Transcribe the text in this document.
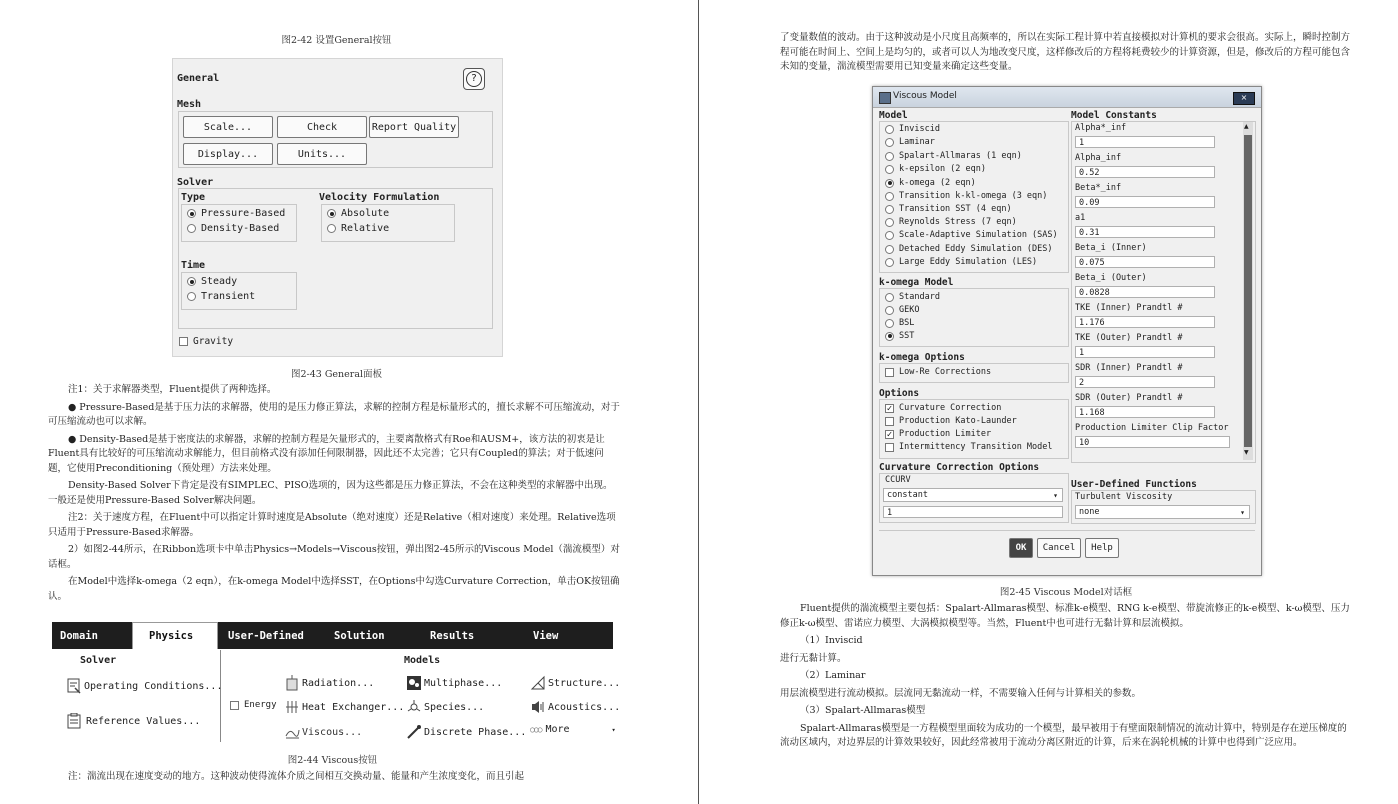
图2-42 设置General按钮
General	?
Mesh
Scale...	Check	Report Quality
Display...	Units...
Solver
Type
Pressure-Based
Density-Based
Velocity Formulation
Absolute
Relative
Time
Steady
Transient
Gravity
图2-43 General面板
注1：关于求解器类型，Fluent提供了两种选择。
● Pressure-Based是基于压力法的求解器，使用的是压力修正算法，求解的控制方程是标量形式的，擅长求解不可压缩流动，对于可压缩流动也可以求解。
● Density-Based是基于密度法的求解器，求解的控制方程是矢量形式的，主要离散格式有Roe和AUSM+，该方法的初衷是让Fluent具有比较好的可压缩流动求解能力，但目前格式没有添加任何限制器，因此还不太完善；它只有Coupled的算法；对于低速问题，它使用Preconditioning（预处理）方法来处理。
Density-Based Solver下肯定是没有SIMPLEC、PISO选项的，因为这些都是压力修正算法，不会在这种类型的求解器中出现。一般还是使用Pressure-Based Solver解决问题。
注2：关于速度方程，在Fluent中可以指定计算时速度是Absolute（绝对速度）还是Relative（相对速度）来处理。Relative选项只适用于Pressure-Based求解器。
2）如图2-44所示，在Ribbon选项卡中单击Physics→Models→Viscous按钮，弹出图2-45所示的Viscous Model（湍流模型）对话框。
在Model中选择k-omega（2 eqn），在k-omega Model中选择SST，在Options中勾选Curvature Correction，单击OK按钮确认。
Domain	Physics	User-Defined	Solution	Results	View
Solver	Models
Operating Conditions...
Reference Values...
Energy
Radiation...
Heat Exchanger...
Viscous...
Multiphase...
Species...
Discrete Phase...
Structure...
Acoustics...
○○○ More	▾
图2-44 Viscous按钮
注：湍流出现在速度变动的地方。这种波动使得流体介质之间相互交换动量、能量和产生浓度变化，而且引起
了变量数值的波动。由于这种波动是小尺度且高频率的，所以在实际工程计算中若直接模拟对计算机的要求会很高。实际上，瞬时控制方程可能在时间上、空间上是均匀的，或者可以人为地改变尺度，这样修改后的方程将耗费较少的计算资源，但是，修改后的方程可能包含未知的变量，湍流模型需要用已知变量来确定这些变量。
Viscous Model	×
Model
Inviscid
Laminar
Spalart-Allmaras (1 eqn)
k-epsilon (2 eqn)
k-omega (2 eqn)
Transition k-kl-omega (3 eqn)
Transition SST (4 eqn)
Reynolds Stress (7 eqn)
Scale-Adaptive Simulation (SAS)
Detached Eddy Simulation (DES)
Large Eddy Simulation (LES)
k-omega Model
Standard
GEKO
BSL
SST
k-omega Options
Low-Re Corrections
Options
✓ Curvature Correction
Production Kato-Launder
✓ Production Limiter
Intermittency Transition Model
Curvature Correction Options
CCURV
constant	▾
1
Model Constants
▲
▼
Alpha*_inf
1
Alpha_inf
0.52
Beta*_inf
0.09
a1
0.31
Beta_i (Inner)
0.075
Beta_i (Outer)
0.0828
TKE (Inner) Prandtl #
1.176
TKE (Outer) Prandtl #
1
SDR (Inner) Prandtl #
2
SDR (Outer) Prandtl #
1.168
Production Limiter Clip Factor
10
User-Defined Functions
Turbulent Viscosity
none	▾
OK	Cancel	Help
图2-45 Viscous Model对话框
Fluent提供的湍流模型主要包括：Spalart-Allmaras模型、标准k-e模型、RNG k-e模型、带旋流修正的k-e模型、k-ω模型、压力修正k-ω模型、雷诺应力模型、大涡模拟模型等。当然，Fluent中也可进行无黏计算和层流模拟。
（1）Inviscid
进行无黏计算。
（2）Laminar
用层流模型进行流动模拟。层流同无黏流动一样，不需要输入任何与计算相关的参数。
（3）Spalart-Allmaras模型
Spalart-Allmaras模型是一方程模型里面较为成功的一个模型，最早被用于有壁面限制情况的流动计算中，特别是存在逆压梯度的流动区域内，对边界层的计算效果较好，因此经常被用于流动分离区附近的计算，后来在涡轮机械的计算中也得到广泛应用。
